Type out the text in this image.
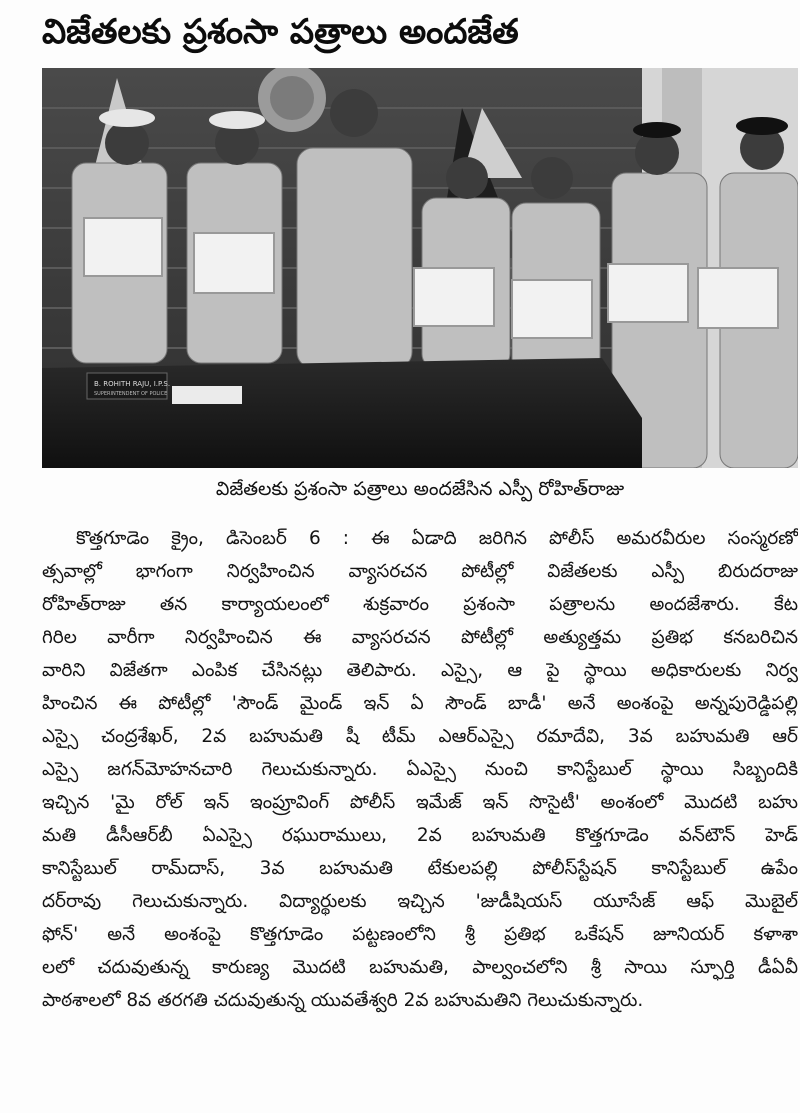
విజేతలకు ప్రశంసా పత్రాలు అందజేత
B. ROHITH RAJU, I.P.S.
SUPERINTENDENT OF POLICE
విజేతలకు ప్రశంసా పత్రాలు అందజేసిన ఎస్పీ రోహిత్‌రాజు
కొత్తగూడెం క్రైం, డిసెంబర్ 6 : ఈ ఏడాది జరిగిన పోలీస్ అమరవీరుల సంస్మరణో
త్సవాల్లో భాగంగా నిర్వహించిన వ్యాసరచన పోటీల్లో విజేతలకు ఎస్పీ బిరుదరాజు
రోహిత్‌రాజు తన కార్యాయలంలో శుక్రవారం ప్రశంసా పత్రాలను అందజేశారు. కేట
గిరిల వారీగా నిర్వహించిన ఈ వ్యాసరచన పోటీల్లో అత్యుత్తమ ప్రతిభ కనబరిచిన
వారిని విజేతగా ఎంపిక చేసినట్లు తెలిపారు. ఎస్సై, ఆ పై స్థాయి అధికారులకు నిర్వ
హించిన ఈ పోటీల్లో 'సౌండ్ మైండ్ ఇన్ ఏ సౌండ్ బాడీ' అనే అంశంపై అన్నపురెడ్డిపల్లి
ఎస్సై చంద్రశేఖర్, 2వ బహుమతి షీ టీమ్ ఎఆర్ఎస్సై రమాదేవి, 3వ బహుమతి ఆర్
ఎస్సై జగన్‌మోహనచారి గెలుచుకున్నారు. ఏఎస్సై నుంచి కానిస్టేబుల్ స్థాయి సిబ్బందికి
ఇచ్చిన 'మై రోల్ ఇన్ ఇంప్రూవింగ్ పోలీస్ ఇమేజ్ ఇన్ సొసైటీ' అంశంలో మొదటి బహు
మతి డీసీఆర్‌బీ ఏఎస్సై రఘురాములు, 2వ బహుమతి కొత్తగూడెం వన్‌టౌన్ హెడ్
కానిస్టేబుల్ రామ్‌దాస్, 3వ బహుమతి టేకులపల్లి పోలీస్‌స్టేషన్ కానిస్టేబుల్ ఉపేం
దర్‌రావు గెలుచుకున్నారు. విద్యార్థులకు ఇచ్చిన 'జుడీషియస్ యూసేజ్ ఆఫ్ మొబైల్
ఫోన్' అనే అంశంపై కొత్తగూడెం పట్టణంలోని శ్రీ ప్రతిభ ఒకేషన్ జూనియర్ కళాశా
లలో చదువుతున్న కారుణ్య మొదటి బహుమతి, పాల్వంచలోని శ్రీ సాయి స్ఫూర్తి డీఏవీ
పాఠశాలలో 8వ తరగతి చదువుతున్న యువతేశ్వరి 2వ బహుమతిని గెలుచుకున్నారు.
